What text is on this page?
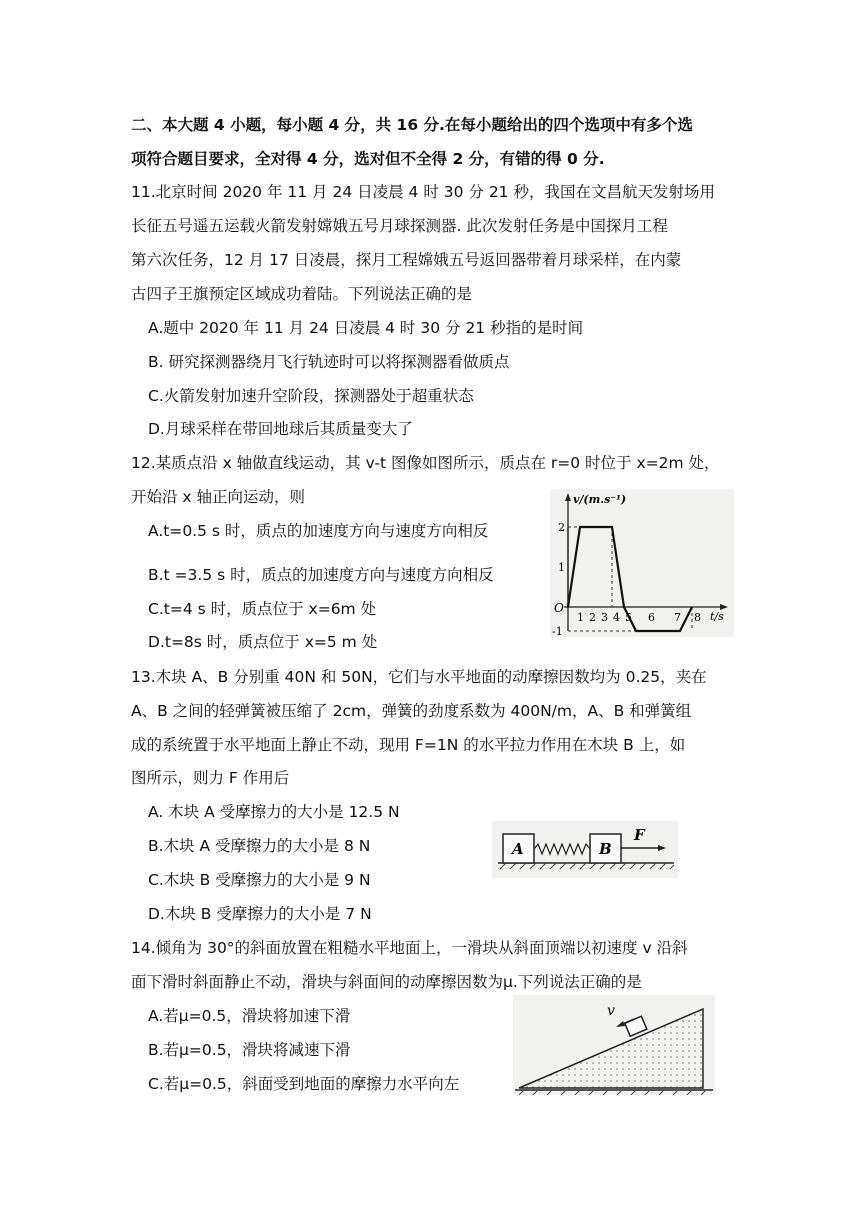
二、本大题 4 小题，每小题 4 分，共 16 分.在每小题给出的四个选项中有多个选
项符合题目要求，全对得 4 分，选对但不全得 2 分，有错的得 0 分.
11.北京时间 2020 年 11 月 24 日凌晨 4 时 30 分 21 秒，我国在文昌航天发射场用
长征五号遥五运载火箭发射嫦娥五号月球探测器. 此次发射任务是中国探月工程
第六次任务，12 月 17 日凌晨，探月工程嫦娥五号返回器带着月球采样，在内蒙
古四子王旗预定区域成功着陆。下列说法正确的是
A.题中 2020 年 11 月 24 日凌晨 4 时 30 分 21 秒指的是时间
B. 研究探测器绕月飞行轨迹时可以将探测器看做质点
C.火箭发射加速升空阶段，探测器处于超重状态
D.月球采样在带回地球后其质量变大了
12.某质点沿 x 轴做直线运动，其 v-t 图像如图所示，质点在 r=0 时位于 x=2m 处，
开始沿 x 轴正向运动，则
A.t=0.5 s 时，质点的加速度方向与速度方向相反
B.t =3.5 s 时，质点的加速度方向与速度方向相反
C.t=4 s 时，质点位于 x=6m 处
D.t=8s 时，质点位于 x=5 m 处
v/(m.s⁻¹)
t/s
O
2
1
-1
1 2 3 4 5 6 7 8
13.木块 A、B 分别重 40N 和 50N，它们与水平地面的动摩擦因数均为 0.25，夹在
A、B 之间的轻弹簧被压缩了 2cm，弹簧的劲度系数为 400N/m，A、B 和弹簧组
成的系统置于水平地面上静止不动，现用 F=1N 的水平拉力作用在木块 B 上，如
图所示，则力 F 作用后
A. 木块 A 受摩擦力的大小是 12.5 N
B.木块 A 受摩擦力的大小是 8 N
C.木块 B 受摩擦力的大小是 9 N
D.木块 B 受摩擦力的大小是 7 N
A	B
F
14.倾角为 30°的斜面放置在粗糙水平地面上，一滑块从斜面顶端以初速度 v 沿斜
面下滑时斜面静止不动，滑块与斜面间的动摩擦因数为μ.下列说法正确的是
A.若μ=0.5，滑块将加速下滑
B.若μ=0.5，滑块将减速下滑
C.若μ=0.5，斜面受到地面的摩擦力水平向左
v
